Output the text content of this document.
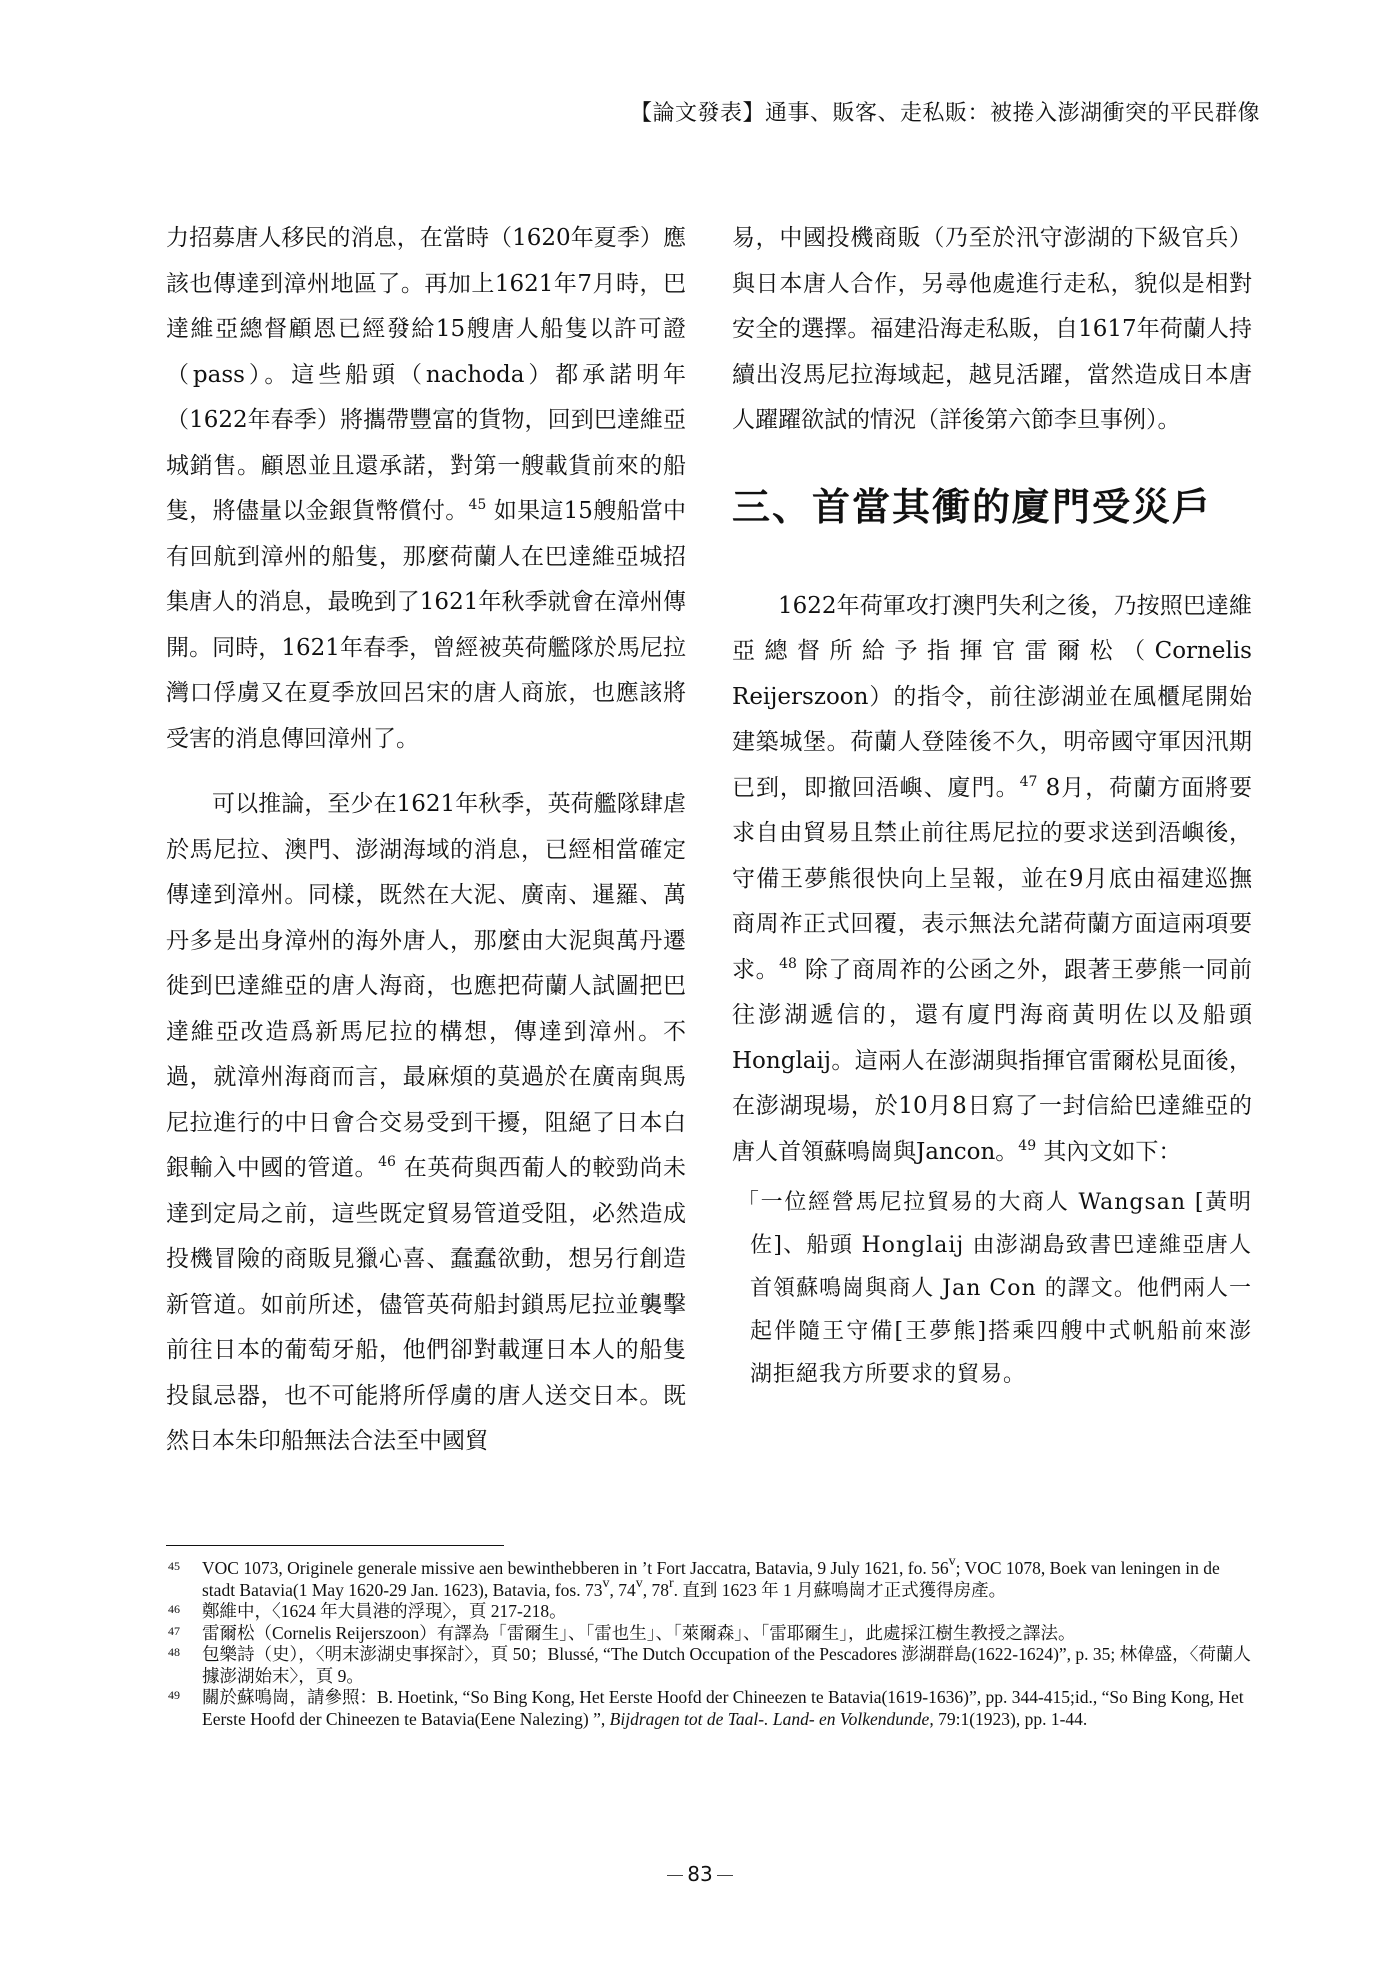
【論文發表】通事、販客、走私販：被捲入澎湖衝突的平民群像

力招募唐人移民的消息，在當時（1620年夏季）應該也傳達到漳州地區了。再加上1621年7月時，巴達維亞總督顧恩已經發給15艘唐人船隻以許可證（pass）。這些船頭（nachoda）都承諾明年（1622年春季）將攜帶豐富的貨物，回到巴達維亞城銷售。顧恩並且還承諾，對第一艘載貨前來的船隻，將儘量以金銀貨幣償付。$^{45}$ 如果這15艘船當中有回航到漳州的船隻，那麼荷蘭人在巴達維亞城招集唐人的消息，最晚到了1621年秋季就會在漳州傳開。同時，1621年春季，曾經被英荷艦隊於馬尼拉灣口俘虜又在夏季放回呂宋的唐人商旅，也應該將受害的消息傳回漳州了。

可以推論，至少在1621年秋季，英荷艦隊肆虐於馬尼拉、澳門、澎湖海域的消息，已經相當確定傳達到漳州。同樣，既然在大泥、廣南、暹羅、萬丹多是出身漳州的海外唐人，那麼由大泥與萬丹遷徙到巴達維亞的唐人海商，也應把荷蘭人試圖把巴達維亞改造爲新馬尼拉的構想，傳達到漳州。不過，就漳州海商而言，最麻煩的莫過於在廣南與馬尼拉進行的中日會合交易受到干擾，阻絕了日本白銀輸入中國的管道。$^{46}$ 在英荷與西葡人的較勁尚未達到定局之前，這些既定貿易管道受阻，必然造成投機冒險的商販見獵心喜、蠢蠢欲動，想另行創造新管道。如前所述，儘管英荷船封鎖馬尼拉並襲擊前往日本的葡萄牙船，他們卻對載運日本人的船隻投鼠忌器，也不可能將所俘虜的唐人送交日本。既然日本朱印船無法合法至中國貿

易，中國投機商販（乃至於汛守澎湖的下級官兵）與日本唐人合作，另尋他處進行走私，貌似是相對安全的選擇。福建沿海走私販，自1617年荷蘭人持續出沒馬尼拉海域起，越見活躍，當然造成日本唐人躍躍欲試的情況（詳後第六節李旦事例）。

三、首當其衝的廈門受災戶

1622年荷軍攻打澳門失利之後，乃按照巴達維亞總督所給予指揮官雷爾松（Cornelis Reijerszoon）的指令，前往澎湖並在風櫃尾開始建築城堡。荷蘭人登陸後不久，明帝國守軍因汛期已到，即撤回浯嶼、廈門。$^{47}$ 8月，荷蘭方面將要求自由貿易且禁止前往馬尼拉的要求送到浯嶼後，守備王夢熊很快向上呈報，並在9月底由福建巡撫商周祚正式回覆，表示無法允諾荷蘭方面這兩項要求。$^{48}$ 除了商周祚的公函之外，跟著王夢熊一同前往澎湖遞信的，還有廈門海商黃明佐以及船頭Honglaij。這兩人在澎湖與指揮官雷爾松見面後，在澎湖現場，於10月8日寫了一封信給巴達維亞的唐人首領蘇鳴崗與Jancon。$^{49}$ 其內文如下：

「一位經營馬尼拉貿易的大商人 Wangsan [黃明佐]、船頭 Honglaij 由澎湖島致書巴達維亞唐人首領蘇鳴崗與商人 Jan Con 的譯文。他們兩人一起伴隨王守備[王夢熊]搭乘四艘中式帆船前來澎湖拒絕我方所要求的貿易。

45 VOC 1073, Originele generale missive aen bewinthebberen in ’t Fort Jaccatra, Batavia, 9 July 1621, fo. 56$^v$; VOC 1078, Boek van leningen in de stadt Batavia(1 May 1620-29 Jan. 1623), Batavia, fos. 73$^v$, 74$^v$, 78$^r$. 直到 1623 年 1 月蘇鳴崗才正式獲得房產。

46 鄭維中，〈1624 年大員港的浮現〉，頁 217-218。

47 雷爾松（Cornelis Reijerszoon）有譯為「雷爾生」、「雷也生」、「萊爾森」、「雷耶爾生」，此處採江樹生教授之譯法。

48 包樂詩（史），〈明末澎湖史事探討〉，頁 50；Blussé, “The Dutch Occupation of the Pescadores 澎湖群島(1622-1624)”, p. 35; 林偉盛，〈荷蘭人據澎湖始末〉，頁 9。

49 關於蘇鳴崗，請參照：B. Hoetink, “So Bing Kong, Het Eerste Hoofd der Chineezen te Batavia(1619-1636)”, pp. 344-415;id., “So Bing Kong, Het Eerste Hoofd der Chineezen te Batavia(Eene Nalezing) ”, Bijdragen tot de Taal-. Land- en Volkendunde, 79:1(1923), pp. 1-44.

83
